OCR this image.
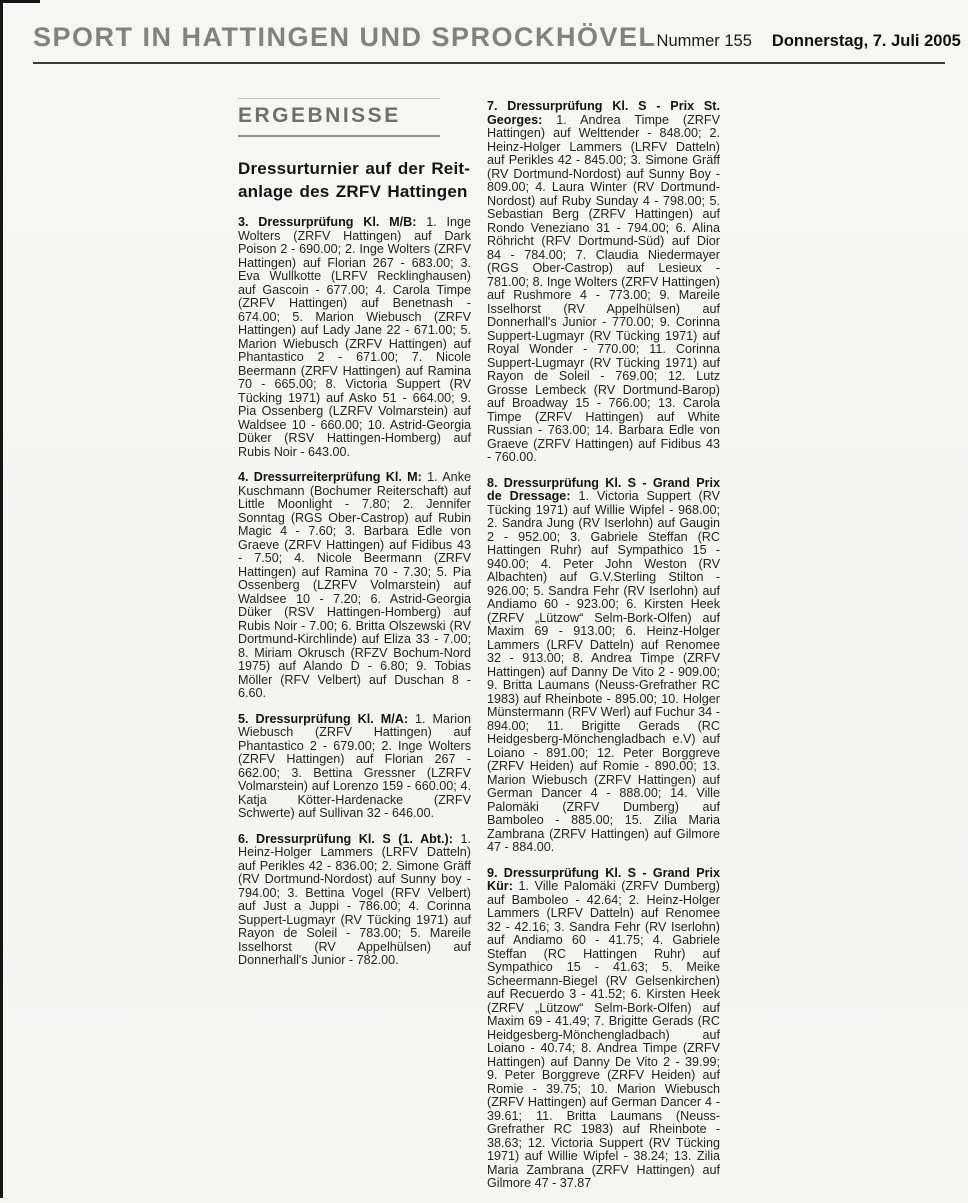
SPORT IN HATTINGEN UND SPROCKHÖVEL Nummer 155 Donnerstag, 7. Juli 2005
ERGEBNISSE
Dressurturnier auf der Reit-
anlage des ZRFV Hattingen

3. Dressurprüfung Kl. M/B: 1. Inge Wolters (ZRFV Hattingen) auf Dark Poison 2 - 690.00; 2. Inge Wolters (ZRFV Hattingen) auf Florian 267 - 683.00; 3. Eva Wullkotte (LRFV Recklinghausen) auf Gascoin - 677.00; 4. Carola Timpe (ZRFV Hattingen) auf Benetnash - 674.00; 5. Marion Wiebusch (ZRFV Hattingen) auf Lady Jane 22 - 671.00; 5. Marion Wiebusch (ZRFV Hattingen) auf Phantastico 2 - 671.00; 7. Nicole Beermann (ZRFV Hattingen) auf Ramina 70 - 665.00; 8. Victoria Suppert (RV Tücking 1971) auf Asko 51 - 664.00; 9. Pia Ossenberg (LZRFV Volmarstein) auf Waldsee 10 - 660.00; 10. Astrid-Georgia Düker (RSV Hattingen-Homberg) auf Rubis Noir - 643.00.

4. Dressurreiterprüfung Kl. M: 1. Anke Kuschmann (Bochumer Reiterschaft) auf Little Moonlight - 7.80; 2. Jennifer Sonntag (RGS Ober-Castrop) auf Rubin Magic 4 - 7.60; 3. Barbara Edle von Graeve (ZRFV Hattingen) auf Fidibus 43 - 7.50; 4. Nicole Beermann (ZRFV Hattingen) auf Ramina 70 - 7.30; 5. Pia Ossenberg (LZRFV Volmarstein) auf Waldsee 10 - 7.20; 6. Astrid-Georgia Düker (RSV Hattingen-Homberg) auf Rubis Noir - 7.00; 6. Britta Olszewski (RV Dortmund-Kirchlinde) auf Eliza 33 - 7.00; 8. Miriam Okrusch (RFZV Bochum-Nord 1975) auf Alando D - 6.80; 9. Tobias Möller (RFV Velbert) auf Duschan 8 - 6.60.

5. Dressurprüfung Kl. M/A: 1. Marion Wiebusch (ZRFV Hattingen) auf Phantastico 2 - 679.00; 2. Inge Wolters (ZRFV Hattingen) auf Florian 267 - 662.00; 3. Bettina Gressner (LZRFV Volmarstein) auf Lorenzo 159 - 660.00; 4. Katja Kötter-Hardenacke (ZRFV Schwerte) auf Sullivan 32 - 646.00.

6. Dressurprüfung Kl. S (1. Abt.): 1. Heinz-Holger Lammers (LRFV Datteln) auf Perikles 42 - 836.00; 2. Simone Gräff (RV Dortmund-Nordost) auf Sunny boy - 794.00; 3. Bettina Vogel (RFV Velbert) auf Just a Juppi - 786.00; 4. Corinna Suppert-Lugmayr (RV Tücking 1971) auf Rayon de Soleil - 783.00; 5. Mareile Isselhorst (RV Appelhülsen) auf Donnerhall's Junior - 782.00.

7. Dressurprüfung Kl. S - Prix St. Georges: 1. Andrea Timpe (ZRFV Hattingen) auf Welttender - 848.00; 2. Heinz-Holger Lammers (LRFV Datteln) auf Perikles 42 - 845.00; 3. Simone Gräff (RV Dortmund-Nordost) auf Sunny Boy - 809.00; 4. Laura Winter (RV Dortmund-Nordost) auf Ruby Sunday 4 - 798.00; 5. Sebastian Berg (ZRFV Hattingen) auf Rondo Veneziano 31 - 794.00; 6. Alina Röhricht (RFV Dortmund-Süd) auf Dior 84 - 784.00; 7. Claudia Niedermayer (RGS Ober-Castrop) auf Lesieux - 781.00; 8. Inge Wolters (ZRFV Hattingen) auf Rushmore 4 - 773.00; 9. Mareile Isselhorst (RV Appelhülsen) auf Donnerhall's Junior - 770.00; 9. Corinna Suppert-Lugmayr (RV Tücking 1971) auf Royal Wonder - 770.00; 11. Corinna Suppert-Lugmayr (RV Tücking 1971) auf Rayon de Soleil - 769.00; 12. Lutz Grosse Lembeck (RV Dortmund-Barop) auf Broadway 15 - 766.00; 13. Carola Timpe (ZRFV Hattingen) auf White Russian - 763.00; 14. Barbara Edle von Graeve (ZRFV Hattingen) auf Fidibus 43 - 760.00.

8. Dressurprüfung Kl. S - Grand Prix de Dressage: 1. Victoria Suppert (RV Tücking 1971) auf Willie Wipfel - 968.00; 2. Sandra Jung (RV Iserlohn) auf Gaugin 2 - 952.00; 3. Gabriele Steffan (RC Hattingen Ruhr) auf Sympathico 15 - 940.00; 4. Peter John Weston (RV Albachten) auf G.V.Sterling Stilton - 926.00; 5. Sandra Fehr (RV Iserlohn) auf Andiamo 60 - 923.00; 6. Kirsten Heek (ZRFV „Lützow“ Selm-Bork-Olfen) auf Maxim 69 - 913.00; 6. Heinz-Holger Lammers (LRFV Datteln) auf Renomee 32 - 913.00; 8. Andrea Timpe (ZRFV Hattingen) auf Danny De Vito 2 - 909.00; 9. Britta Laumans (Neuss-Grefrather RC 1983) auf Rheinbote - 895.00; 10. Holger Münstermann (RFV Werl) auf Fuchur 34 - 894.00; 11. Brigitte Gerads (RC Heidgesberg-Mönchengladbach e.V) auf Loiano - 891.00; 12. Peter Borggreve (ZRFV Heiden) auf Romie - 890.00; 13. Marion Wiebusch (ZRFV Hattingen) auf German Dancer 4 - 888.00; 14. Ville Palomäki (ZRFV Dumberg) auf Bamboleo - 885.00; 15. Zilia Maria Zambrana (ZRFV Hattingen) auf Gilmore 47 - 884.00.

9. Dressurprüfung Kl. S - Grand Prix Kür: 1. Ville Palomäki (ZRFV Dumberg) auf Bamboleo - 42.64; 2. Heinz-Holger Lammers (LRFV Datteln) auf Renomee 32 - 42.16; 3. Sandra Fehr (RV Iserlohn) auf Andiamo 60 - 41.75; 4. Gabriele Steffan (RC Hattingen Ruhr) auf Sympathico 15 - 41.63; 5. Meike Scheermann-Biegel (RV Gelsenkirchen) auf Recuerdo 3 - 41.52; 6. Kirsten Heek (ZRFV „Lützow“ Selm-Bork-Olfen) auf Maxim 69 - 41.49; 7. Brigitte Gerads (RC Heidgesberg-Mönchengladbach) auf Loiano - 40.74; 8. Andrea Timpe (ZRFV Hattingen) auf Danny De Vito 2 - 39.99; 9. Peter Borggreve (ZRFV Heiden) auf Romie - 39.75; 10. Marion Wiebusch (ZRFV Hattingen) auf German Dancer 4 - 39.61; 11. Britta Laumans (Neuss-Grefrather RC 1983) auf Rheinbote - 38.63; 12. Victoria Suppert (RV Tücking 1971) auf Willie Wipfel - 38.24; 13. Zilia Maria Zambrana (ZRFV Hattingen) auf Gilmore 47 - 37.87
